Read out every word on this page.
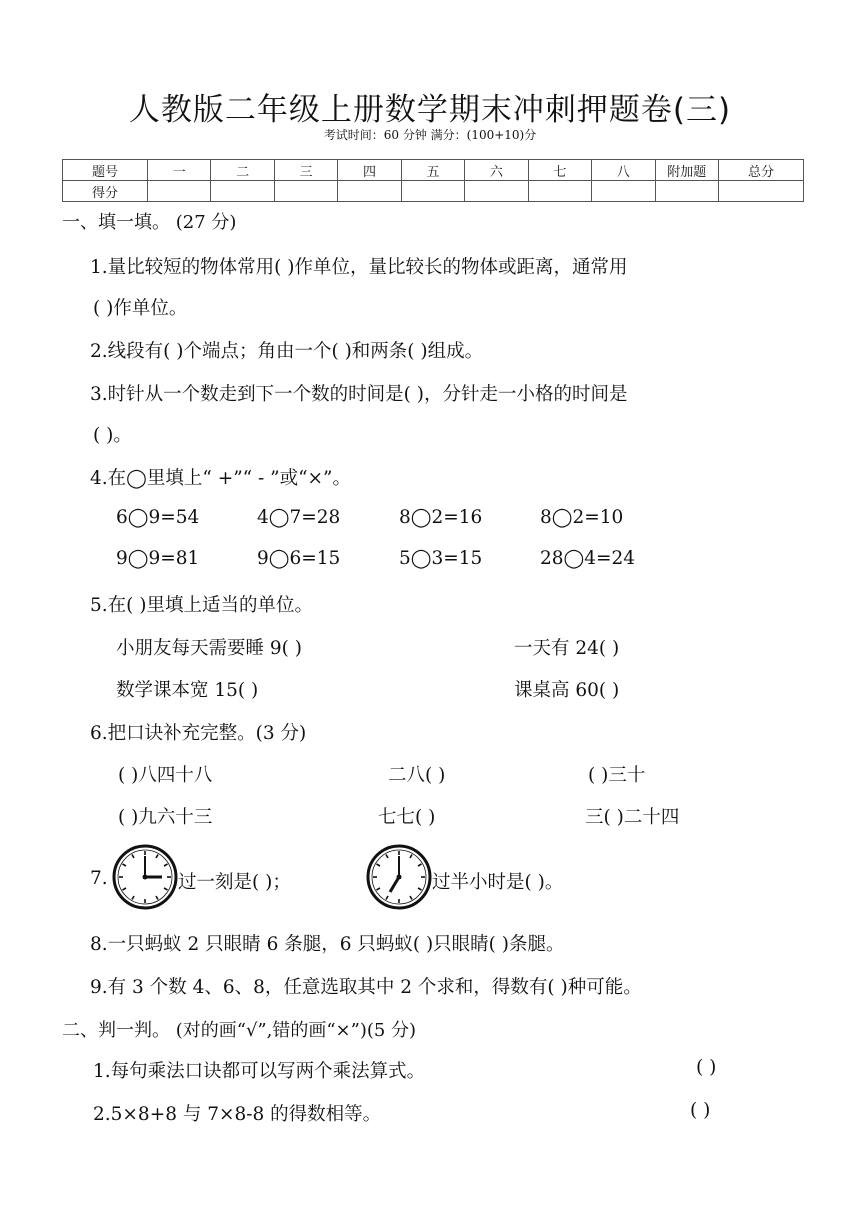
人教版二年级上册数学期末冲刺押题卷(三)
考试时间：60 分钟 满分：(100+10)分
题号	一	二	三	四	五	六	七	八	附加题	总分
得分										
一、填一填。 (27 分)
1.量比较短的物体常用( )作单位，量比较长的物体或距离，通常用
( )作单位。
2.线段有( )个端点；角由一个( )和两条( )组成。
3.时针从一个数走到下一个数的时间是( )，分针走一小格的时间是
( )。
4.在◯里填上“ +”“ - ”或“×”。
6◯9=54	4◯7=28	8◯2=16	8◯2=10
9◯9=81	9◯6=15	5◯3=15	28◯4=24
5.在( )里填上适当的单位。
小朋友每天需要睡 9( )	一天有 24( )
数学课本宽 15( )	课桌高 60( )
6.把口诀补充完整。(3 分)
( )八四十八	二八( )	( )三十
( )九六十三	七七( )	三( )二十四
7.	过一刻是( )；	过半小时是( )。
8.一只蚂蚁 2 只眼睛 6 条腿，6 只蚂蚁( )只眼睛( )条腿。
9.有 3 个数 4、6、8，任意选取其中 2 个求和，得数有( )种可能。
二、判一判。 (对的画“√”,错的画“×”)(5 分)
1.每句乘法口诀都可以写两个乘法算式。	( )
2.5×8+8 与 7×8-8 的得数相等。	( )
